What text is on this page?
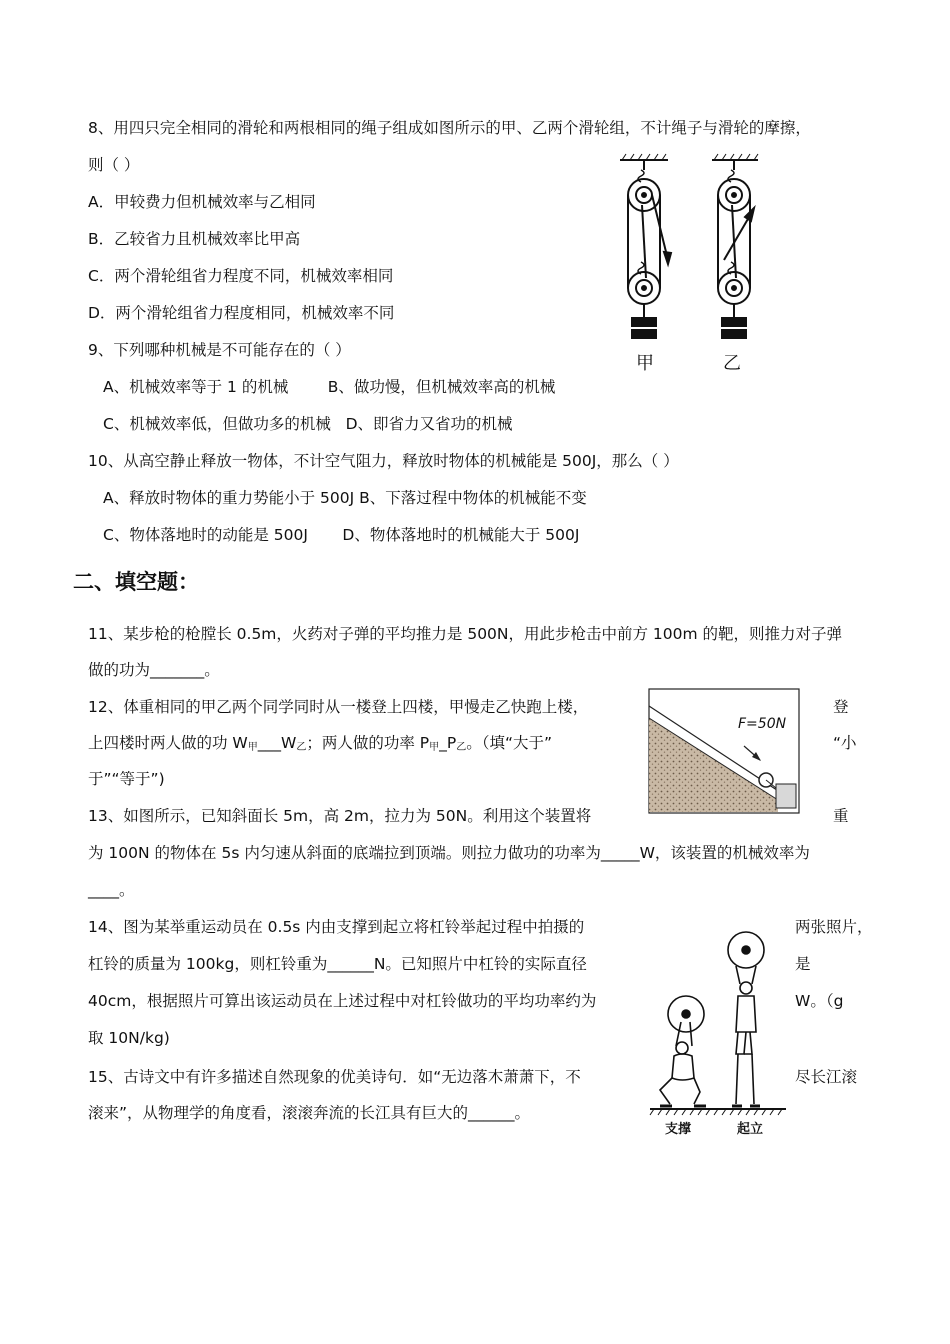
8、用四只完全相同的滑轮和两根相同的绳子组成如图所示的甲、乙两个滑轮组，不计绳子与滑轮的摩擦，
则（ ）
A．甲较费力但机械效率与乙相同
B．乙较省力且机械效率比甲高
C．两个滑轮组省力程度不同，机械效率相同
D．两个滑轮组省力程度相同，机械效率不同
甲	乙
9、下列哪种机械是不可能存在的（ ）
A、机械效率等于 1 的机械        B、做功慢，但机械效率高的机械
C、机械效率低，但做功多的机械   D、即省力又省功的机械
10、从高空静止释放一物体，不计空气阻力，释放时物体的机械能是 500J，那么（ ）
A、释放时物体的重力势能小于 500J B、下落过程中物体的机械能不变
C、物体落地时的动能是 500J       D、物体落地时的机械能大于 500J
二、填空题：
11、某步枪的枪膛长 0.5m，火药对子弹的平均推力是 500N，用此步枪击中前方 100m 的靶，则推力对子弹
做的功为_______。
12、体重相同的甲乙两个同学同时从一楼登上四楼，甲慢走乙快跑上楼，	登
上四楼时两人做的功 $W_甲\_\_\_W_乙$；两人做的功率 $P_甲\_P_乙$。（填“大于”	“小
于”“等于”)
F=50N
13、如图所示，已知斜面长 5m，高 2m，拉力为 50N。利用这个装置将	重
为 100N 的物体在 5s 内匀速从斜面的底端拉到顶端。则拉力做功的功率为_____W，该装置的机械效率为
____。
14、图为某举重运动员在 0.5s 内由支撑到起立将杠铃举起过程中拍摄的	两张照片，
杠铃的质量为 100kg，则杠铃重为______N。已知照片中杠铃的实际直径	是
40cm，根据照片可算出该运动员在上述过程中对杠铃做功的平均功率约为	W。（g
取 10N/kg)
支撑	起立
15、古诗文中有许多描述自然现象的优美诗句．如“无边落木萧萧下，不	尽长江滚
滚来”，从物理学的角度看，滚滚奔流的长江具有巨大的______。
